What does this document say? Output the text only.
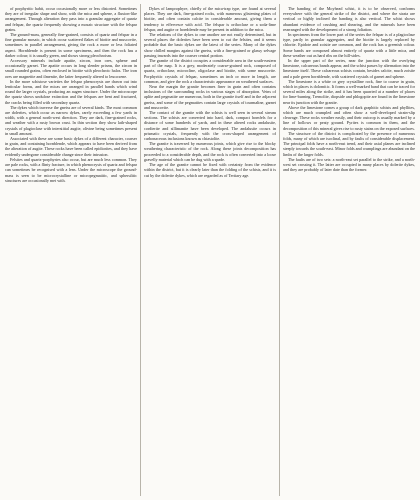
of porphyritic habit, occur occasionally more or less distorted. Sometimes they are of irregular shape and show, with the mica and sphene, a fluxion-like arrangement. Through alteration they pass into a granular aggregate of quartz and felspar, the quartz frequently showing a mosaic structure with the felspar grains.

The ground-mass, generally fine-grained, consists of quartz and felspar in a fine granular mosaic, in which occur scattered flakes of biotite and muscovite, sometimes in parallel arrangement, giving the rock a more or less foliated aspect. Hornblende is present in some specimens, and then the rock has a darker colour; it is usually green, and shows strong pleochroism.

Accessory minerals include apatite, zircon, iron ores, sphene and occasionally garnet. The apatite occurs in long slender prisms, the zircon in small rounded grains, often enclosed in biotite with pleochroic halos. The iron ores are magnetite and ilmenite, the latter frequently altered to leucoxene.

In the more schistose varieties the felspar phenocrysts are drawn out into lenticular forms, and the micas are arranged in parallel bands which wind round the larger crystals, producing an augen structure. Under the microscope the quartz shows undulose extinction and the felspars are bent and fractured, the cracks being filled with secondary quartz.

The dykes which traverse the gneiss are of several kinds. The most common are dolerites, which occur as narrow dykes, rarely exceeding a few yards in width, with a general north-west direction. They are dark, fine-grained rocks, and weather with a rusty brown crust. In thin section they show lath-shaped crystals of plagioclase with interstitial augite, olivine being sometimes present in small amount.

Associated with these are some basic dykes of a different character, coarser in grain, and containing hornblende, which appears to have been derived from the alteration of augite. These rocks have been called epidiorites, and they have evidently undergone considerable change since their intrusion.

Felsites and quartz-porphyries also occur, but are much less common. They are pale rocks, with a flinty fracture, in which phenocrysts of quartz and felspar can sometimes be recognised with a lens. Under the microscope the ground-mass is seen to be microcrystalline or micropegmatitic, and spherulitic structures are occasionally met with.

Dykes of lamprophyre, chiefly of the mica-trap type, are found at several places. They are dark, fine-grained rocks, with numerous glistening plates of biotite, and often contain calcite in considerable amount, giving them a tendency to effervesce with acid. The felspar is orthoclase or a soda-lime felspar, and augite or hornblende may be present in addition to the mica.

The relations of the dykes to one another are not easily determined, but in several places the dolerites have been seen to cut the felsites, and it seems probable that the basic dykes are the latest of the series. Many of the dykes show chilled margins against the gneiss, with a fine-grained or glassy selvage passing inwards into the coarser central portion.

The granite of the district occupies a considerable area in the south-eastern part of the map. It is a grey, moderately coarse-grained rock, composed of quartz, orthoclase, microcline, oligoclase and biotite, with some muscovite. Porphyritic crystals of felspar, sometimes an inch or more in length, are common, and give the rock a characteristic appearance on weathered surfaces.

Near the margin the granite becomes finer in grain and often contains inclusions of the surrounding rocks in various stages of absorption. Veins of aplite and pegmatite are numerous, both in the granite itself and in the adjacent gneiss, and some of the pegmatites contain large crystals of tourmaline, garnet and muscovite.

The contact of the granite with the schists is well seen in several stream sections. The schists are converted into hard, dark, compact hornfels for a distance of some hundreds of yards, and in these altered rocks andalusite, cordierite and sillimanite have been developed. The andalusite occurs in prismatic crystals, frequently with the cross-shaped arrangement of carbonaceous inclusions known as chiastolite.

The granite is traversed by numerous joints, which give rise to the blocky weathering characteristic of the rock. Along these joints decomposition has proceeded to a considerable depth, and the rock is often converted into a loose gravelly material which can be dug with a spade.

The age of the granite cannot be fixed with certainty from the evidence within the district, but it is clearly later than the folding of the schists, and it is cut by the dolerite dykes, which are regarded as of Tertiary age.

The banding of the Moyhead schist, it is to be observed, conforms everywhere with the general strike of the district, and where the strata are vertical or highly inclined the banding is also vertical. The schist shows abundant evidence of crushing and shearing, and the minerals have been rearranged with the development of a strong foliation.

In specimens from the lower part of the series the felspar is of a plagioclase type, partly in granular aggregates, and the biotite is largely replaced by chlorite. Epidote and zoisite are common, and the rock has a greenish colour. Some bands are composed almost entirely of quartz with a little mica, and these weather out as hard ribs on the hill-sides.

In the upper part of the series, near the junction with the overlying limestone, calcareous bands appear, and the schist passes by alternation into the limestone itself. These calcareous schists contain, besides calcite, much zoisite and a pale green hornblende, with scattered crystals of garnet and sphene.

The limestone is a white or grey crystalline rock, fine to coarse in grain, which in places is dolomitic. It forms a well-marked band that can be traced for several miles along the strike, and it has been quarried at a number of places for lime-burning. Tremolite, diopside and phlogopite are found in the limestone near its junction with the granite.

Above the limestone comes a group of dark graphitic schists and phyllites, which are much crumpled and often show a well-developed strain-slip cleavage. These rocks weather easily, and their outcrop is usually marked by a line of hollows or peaty ground. Pyrites is common in them, and the decomposition of this mineral gives rise to rusty stains on the exposed surfaces.

The structure of the district is complicated by the presence of numerous folds, many of which are isoclinal, and by faults of considerable displacement. The principal folds have a north-east trend, and their axial planes are inclined steeply towards the south-east. Minor folds and crumplings are abundant on the limbs of the larger folds.

The faults are of two sets: a north-east set parallel to the strike, and a north-west set crossing it. The latter are occupied in many places by dolerite dykes, and they are probably of later date than the former.
